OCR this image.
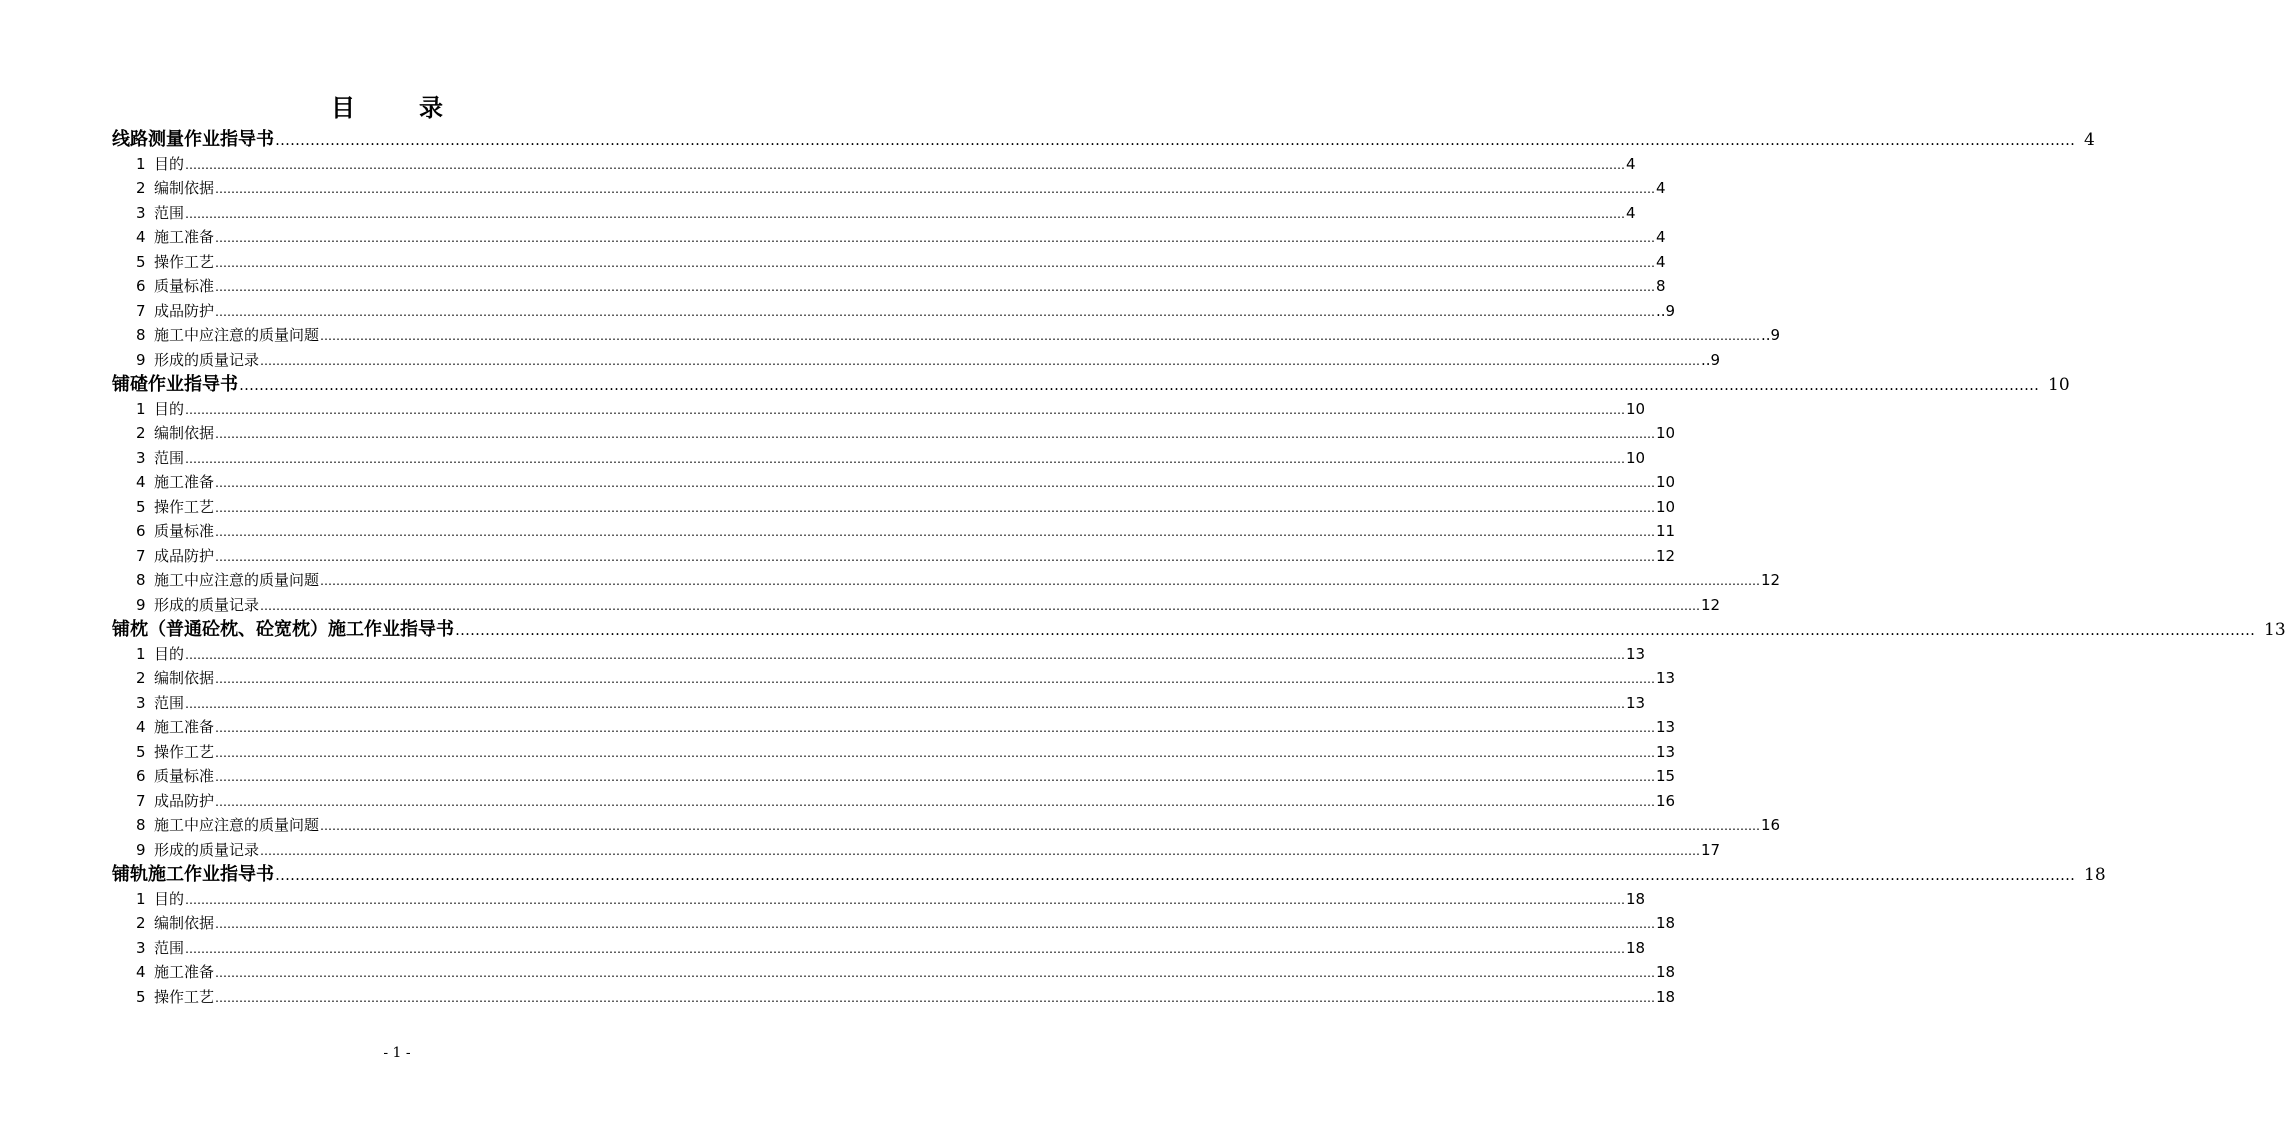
目　录
线路测量作业指导书 ……………………………………………………………………………………………………………………………………………………………………………………………………………………………………………………………………………………………………………………………… 4
1 目的 ……………………………………………………………………………………………………………………………………………………………………………………………………………………………………………………………………………………………………………………………… 4
2 编制依据 ……………………………………………………………………………………………………………………………………………………………………………………………………………………………………………………………………………………………………………………………… 4
3 范围 ……………………………………………………………………………………………………………………………………………………………………………………………………………………………………………………………………………………………………………………………… 4
4 施工准备 ……………………………………………………………………………………………………………………………………………………………………………………………………………………………………………………………………………………………………………………………… 4
5 操作工艺 ……………………………………………………………………………………………………………………………………………………………………………………………………………………………………………………………………………………………………………………………… 4
6 质量标准 ……………………………………………………………………………………………………………………………………………………………………………………………………………………………………………………………………………………………………………………………… 8
7 成品防护 ……………………………………………………………………………………………………………………………………………………………………………………………………………………………………………………………………………………………………………………………… ..9
8 施工中应注意的质量问题 ……………………………………………………………………………………………………………………………………………………………………………………………………………………………………………………………………………………………………………………………… ..9
9 形成的质量记录 ……………………………………………………………………………………………………………………………………………………………………………………………………………………………………………………………………………………………………………………………… ..9
铺碴作业指导书 ……………………………………………………………………………………………………………………………………………………………………………………………………………………………………………………………………………………………………………………………… 10
1 目的 ……………………………………………………………………………………………………………………………………………………………………………………………………………………………………………………………………………………………………………………………… 10
2 编制依据 ……………………………………………………………………………………………………………………………………………………………………………………………………………………………………………………………………………………………………………………………… 10
3 范围 ……………………………………………………………………………………………………………………………………………………………………………………………………………………………………………………………………………………………………………………………… 10
4 施工准备 ……………………………………………………………………………………………………………………………………………………………………………………………………………………………………………………………………………………………………………………………… 10
5 操作工艺 ……………………………………………………………………………………………………………………………………………………………………………………………………………………………………………………………………………………………………………………………… 10
6 质量标准 ……………………………………………………………………………………………………………………………………………………………………………………………………………………………………………………………………………………………………………………………… 11
7 成品防护 ……………………………………………………………………………………………………………………………………………………………………………………………………………………………………………………………………………………………………………………………… 12
8 施工中应注意的质量问题 ……………………………………………………………………………………………………………………………………………………………………………………………………………………………………………………………………………………………………………………………… 12
9 形成的质量记录 ……………………………………………………………………………………………………………………………………………………………………………………………………………………………………………………………………………………………………………………………… 12
铺枕（普通砼枕、砼宽枕）施工作业指导书 ……………………………………………………………………………………………………………………………………………………………………………………………………………………………………………………………………………………………………………………………… 13
1 目的 ……………………………………………………………………………………………………………………………………………………………………………………………………………………………………………………………………………………………………………………………… 13
2 编制依据 ……………………………………………………………………………………………………………………………………………………………………………………………………………………………………………………………………………………………………………………………… 13
3 范围 ……………………………………………………………………………………………………………………………………………………………………………………………………………………………………………………………………………………………………………………………… 13
4 施工准备 ……………………………………………………………………………………………………………………………………………………………………………………………………………………………………………………………………………………………………………………………… 13
5 操作工艺 ……………………………………………………………………………………………………………………………………………………………………………………………………………………………………………………………………………………………………………………………… 13
6 质量标准 ……………………………………………………………………………………………………………………………………………………………………………………………………………………………………………………………………………………………………………………………… 15
7 成品防护 ……………………………………………………………………………………………………………………………………………………………………………………………………………………………………………………………………………………………………………………………… 16
8 施工中应注意的质量问题 ……………………………………………………………………………………………………………………………………………………………………………………………………………………………………………………………………………………………………………………………… 16
9 形成的质量记录 ……………………………………………………………………………………………………………………………………………………………………………………………………………………………………………………………………………………………………………………………… 17
铺轨施工作业指导书 ……………………………………………………………………………………………………………………………………………………………………………………………………………………………………………………………………………………………………………………………… 18
1 目的 ……………………………………………………………………………………………………………………………………………………………………………………………………………………………………………………………………………………………………………………………… 18
2 编制依据 ……………………………………………………………………………………………………………………………………………………………………………………………………………………………………………………………………………………………………………………………… 18
3 范围 ……………………………………………………………………………………………………………………………………………………………………………………………………………………………………………………………………………………………………………………………… 18
4 施工准备 ……………………………………………………………………………………………………………………………………………………………………………………………………………………………………………………………………………………………………………………………… 18
5 操作工艺 ……………………………………………………………………………………………………………………………………………………………………………………………………………………………………………………………………………………………………………………………… 18
- 1 -
